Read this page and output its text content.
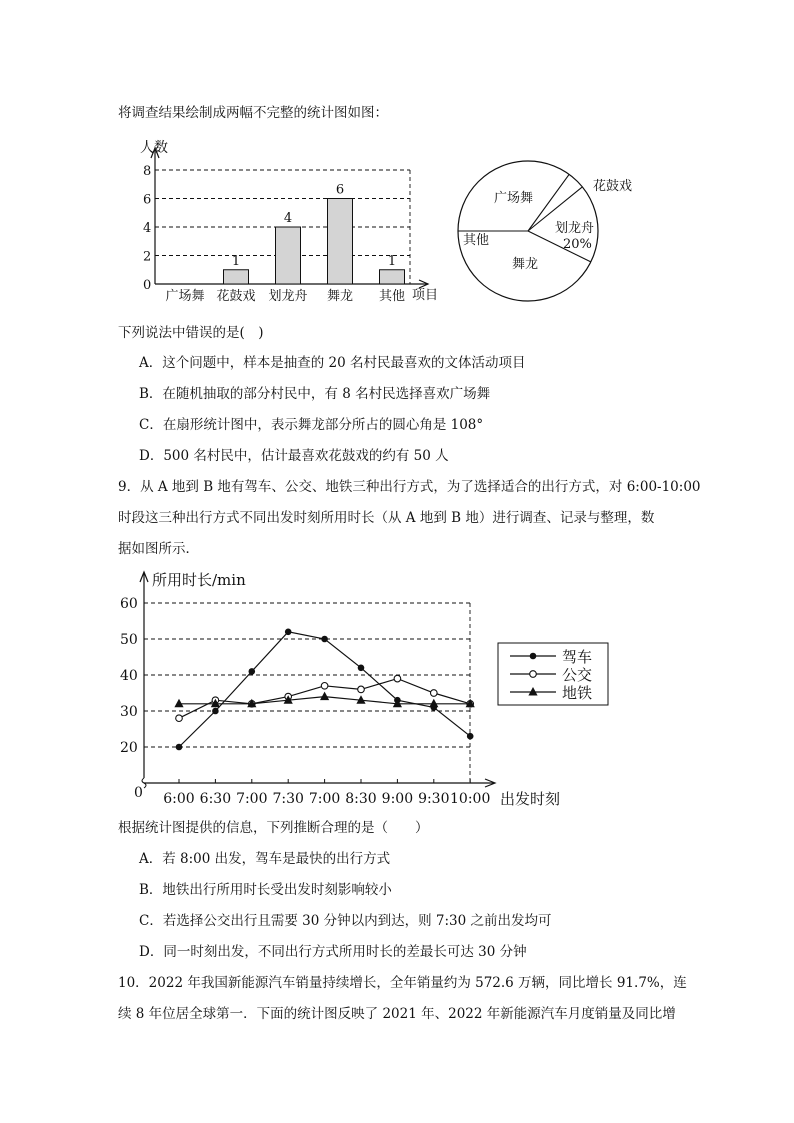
将调查结果绘制成两幅不完整的统计图如图：
人数
项目
0
2
4
6
8
广场舞
1
花鼓戏
4
划龙舟
6
舞龙
1
其他
广场舞
花鼓戏
划龙舟
20%
其他
舞龙
下列说法中错误的是(　)
A．这个问题中，样本是抽查的 20 名村民最喜欢的文体活动项目
B．在随机抽取的部分村民中，有 8 名村民选择喜欢广场舞
C．在扇形统计图中，表示舞龙部分所占的圆心角是 108°
D．500 名村民中，估计最喜欢花鼓戏的约有 50 人
9．从 A 地到 B 地有驾车、公交、地铁三种出行方式，为了选择适合的出行方式，对 6:00-10:00
时段这三种出行方式不同出发时刻所用时长（从 A 地到 B 地）进行调查、记录与整理，数
据如图所示．
所用时长/min
出发时刻
0
20
30
40
50
60
6:00 6:30 7:00 7:30 7:00 8:30 9:00 9:30 10:00
驾车
公交
地铁
根据统计图提供的信息，下列推断合理的是（　　）
A．若 8:00 出发，驾车是最快的出行方式
B．地铁出行所用时长受出发时刻影响较小
C．若选择公交出行且需要 30 分钟以内到达，则 7:30 之前出发均可
D．同一时刻出发，不同出行方式所用时长的差最长可达 30 分钟
10．2022 年我国新能源汽车销量持续增长，全年销量约为 572.6 万辆，同比增长 91.7%，连
续 8 年位居全球第一．下面的统计图反映了 2021 年、2022 年新能源汽车月度销量及同比增
